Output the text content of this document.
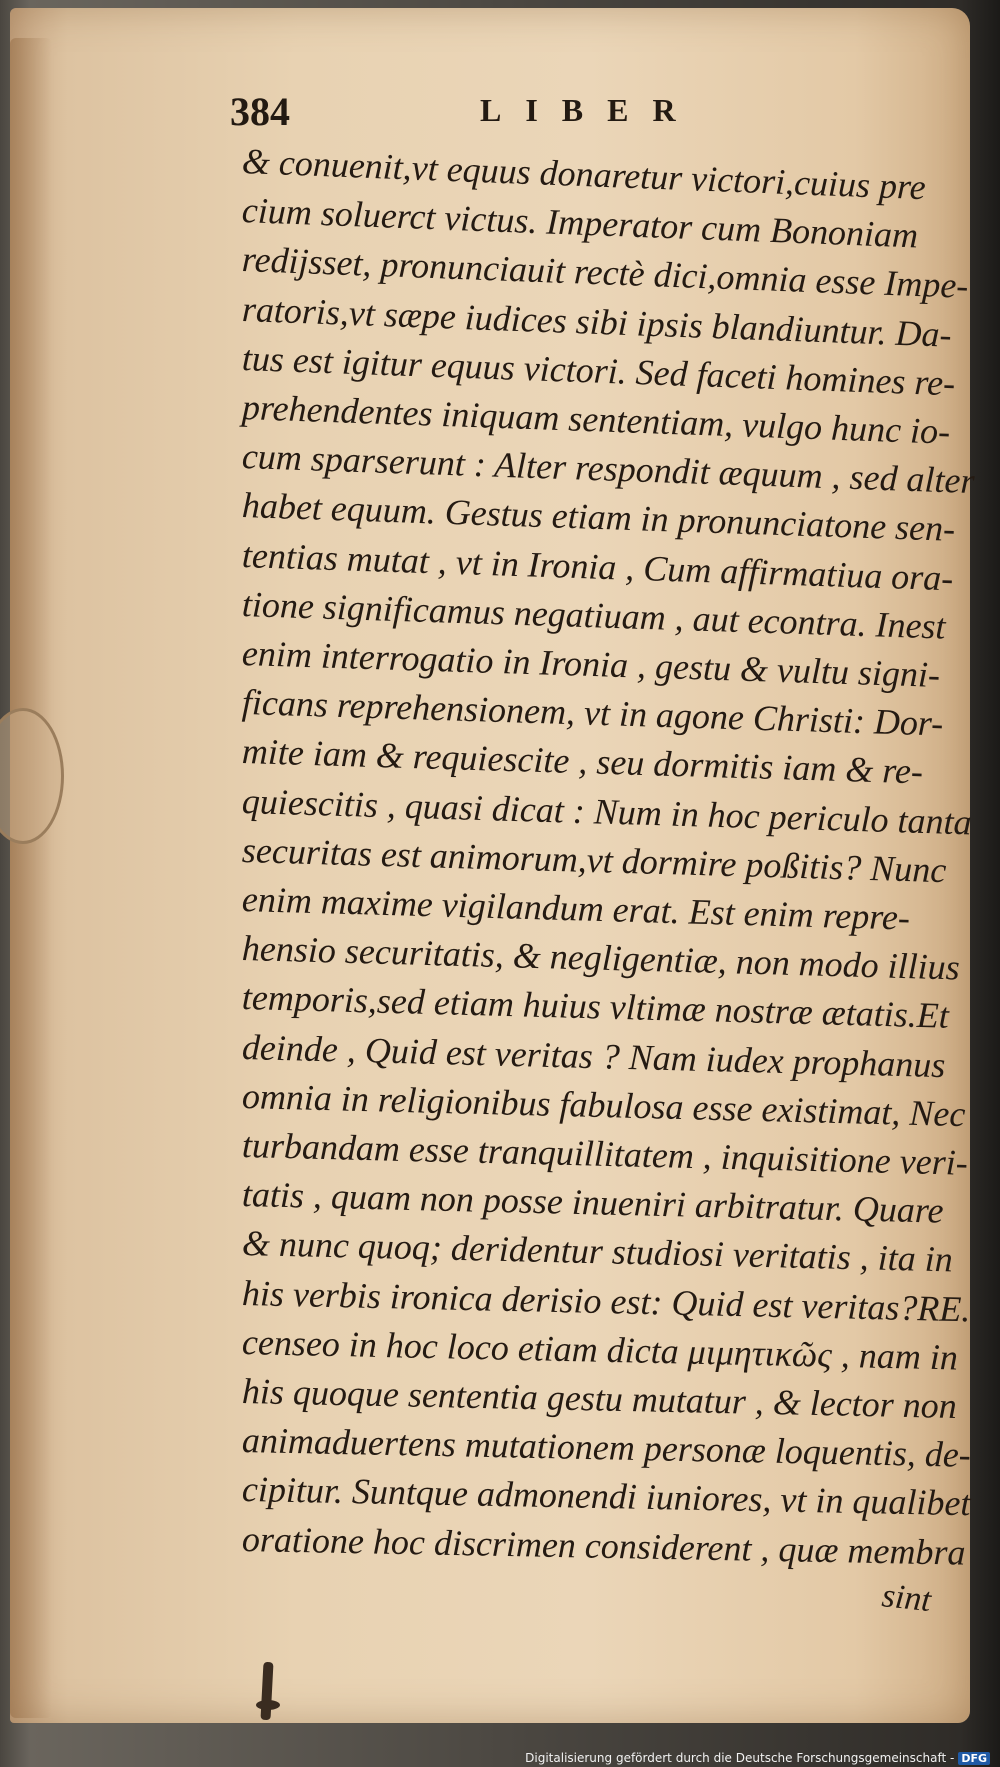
384	LIBER
& conuenit,vt equus donaretur victori,cuius pre
cium soluerct victus. Imperator cum Bononiam
redijsset, pronunciauit rectè dici,omnia esse Impe-
ratoris,vt sæpe iudices sibi ipsis blandiuntur. Da-
tus est igitur equus victori. Sed faceti homines re-
prehendentes iniquam sententiam, vulgo hunc io-
cum sparserunt : Alter respondit æquum , sed alter
habet equum. Gestus etiam in pronunciatone sen-
tentias mutat , vt in Ironia , Cum affirmatiua ora-
tione significamus negatiuam , aut econtra. Inest
enim interrogatio in Ironia , gestu & vultu signi-
ficans reprehensionem, vt in agone Christi: Dor-
mite iam & requiescite , seu dormitis iam & re-
quiescitis , quasi dicat : Num in hoc periculo tanta
securitas est animorum,vt dormire poßitis? Nunc
enim maxime vigilandum erat. Est enim repre-
hensio securitatis, & negligentiæ, non modo illius
temporis,sed etiam huius vltimæ nostræ ætatis.Et
deinde , Quid est veritas ? Nam iudex prophanus
omnia in religionibus fabulosa esse existimat, Nec
turbandam esse tranquillitatem , inquisitione veri-
tatis , quam non posse inueniri arbitratur. Quare
& nunc quoq; deridentur studiosi veritatis , ita in
his verbis ironica derisio est: Quid est veritas?RE.
censeo in hoc loco etiam dicta μιμητικῶς , nam in
his quoque sententia gestu mutatur , & lector non
animaduertens mutationem personæ loquentis, de-
cipitur. Suntque admonendi iuniores, vt in qualibet
oratione hoc discrimen considerent , quæ membra
sint
Digitalisierung gefördert durch die Deutsche Forschungsgemeinschaft - DFG
